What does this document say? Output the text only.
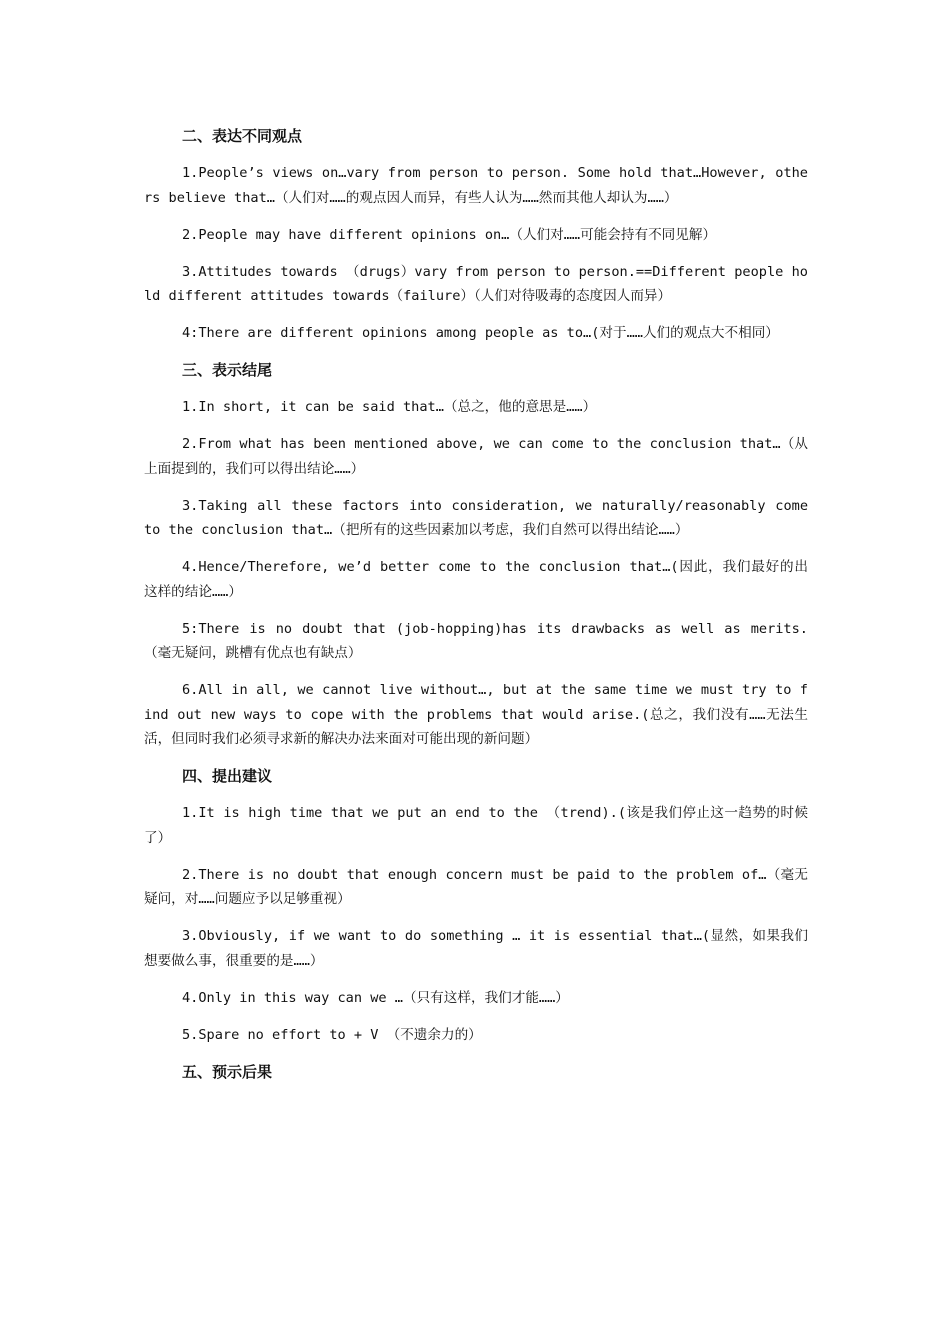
二、表达不同观点

1.People’s views on…vary from person to person. Some hold that…However, others believe that…（人们对……的观点因人而异，有些人认为……然而其他人却认为……）

2.People may have different opinions on…（人们对……可能会持有不同见解）

3.Attitudes towards （drugs）vary from person to person.==Different people hold different attitudes towards（failure）（人们对待吸毒的态度因人而异）

4:There are different opinions among people as to…(对于……人们的观点大不相同）

三、表示结尾

1.In short, it can be said that…（总之，他的意思是……）

2.From what has been mentioned above, we can come to the conclusion that…（从上面提到的，我们可以得出结论……）

3.Taking all these factors into consideration, we naturally/reasonably come to the conclusion that…（把所有的这些因素加以考虑，我们自然可以得出结论……）

4.Hence/Therefore, we’d better come to the conclusion that…(因此，我们最好的出这样的结论……）

5:There is no doubt that (job-hopping)has its drawbacks as well as merits.（毫无疑问，跳槽有优点也有缺点）

6.All in all, we cannot live without…, but at the same time we must try to find out new ways to cope with the problems that would arise.(总之，我们没有……无法生活，但同时我们必须寻求新的解决办法来面对可能出现的新问题）

四、提出建议

1.It is high time that we put an end to the （trend).(该是我们停止这一趋势的时候了）

2.There is no doubt that enough concern must be paid to the problem of…（毫无疑问，对……问题应予以足够重视）

3.Obviously, if we want to do something … it is essential that…(显然，如果我们想要做么事，很重要的是……）

4.Only in this way can we …（只有这样，我们才能……）

5.Spare no effort to + V （不遗余力的）

五、预示后果
